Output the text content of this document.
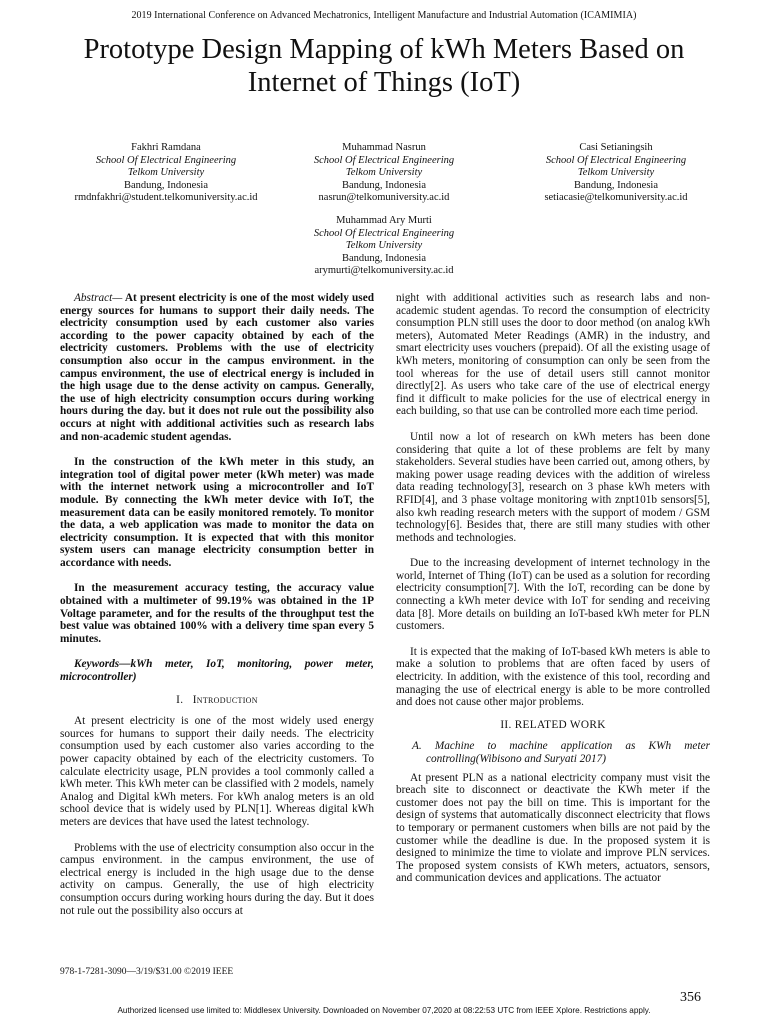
2019 International Conference on Advanced Mechatronics, Intelligent Manufacture and Industrial Automation (ICAMIMIA)
Prototype Design Mapping of kWh Meters Based on
Internet of Things (IoT)
Fakhri Ramdana
School Of Electrical Engineering
Telkom University
Bandung, Indonesia
rmdnfakhri@student.telkomuniversity.ac.id
Muhammad Nasrun
School Of Electrical Engineering
Telkom University
Bandung, Indonesia
nasrun@telkomuniversity.ac.id
Casi Setianingsih
School Of Electrical Engineering
Telkom University
Bandung, Indonesia
setiacasie@telkomuniversity.ac.id
Muhammad Ary Murti
School Of Electrical Engineering
Telkom University
Bandung, Indonesia
arymurti@telkomuniversity.ac.id

Abstract— At present electricity is one of the most widely used energy sources for humans to support their daily needs. The electricity consumption used by each customer also varies according to the power capacity obtained by each of the electricity customers. Problems with the use of electricity consumption also occur in the campus environment. in the campus environment, the use of electrical energy is included in the high usage due to the dense activity on campus. Generally, the use of high electricity consumption occurs during working hours during the day. but it does not rule out the possibility also occurs at night with additional activities such as research labs and non-academic student agendas.

In the construction of the kWh meter in this study, an integration tool of digital power meter (kWh meter) was made with the internet network using a microcontroller and IoT module. By connecting the kWh meter device with IoT, the measurement data can be easily monitored remotely. To monitor the data, a web application was made to monitor the data on electricity consumption. It is expected that with this monitor system users can manage electricity consumption better in accordance with needs.

In the measurement accuracy testing, the accuracy value obtained with a multimeter of 99.19% was obtained in the 1P Voltage parameter, and for the results of the throughput test the best value was obtained 100% with a delivery time span every 5 minutes.

Keywords—kWh meter, IoT, monitoring, power meter, microcontroller)

I. Introduction

At present electricity is one of the most widely used energy sources for humans to support their daily needs. The electricity consumption used by each customer also varies according to the power capacity obtained by each of the electricity customers. To calculate electricity usage, PLN provides a tool commonly called a kWh meter. This kWh meter can be classified with 2 models, namely Analog and Digital kWh meters. For kWh analog meters is an old school device that is widely used by PLN[1]. Whereas digital kWh meters are devices that have used the latest technology.

Problems with the use of electricity consumption also occur in the campus environment. in the campus environment, the use of electrical energy is included in the high usage due to the dense activity on campus. Generally, the use of high electricity consumption occurs during working hours during the day. But it does not rule out the possibility also occurs at

night with additional activities such as research labs and non-academic student agendas. To record the consumption of electricity consumption PLN still uses the door to door method (on analog kWh meters), Automated Meter Readings (AMR) in the industry, and smart electricity uses vouchers (prepaid). Of all the existing usage of kWh meters, monitoring of consumption can only be seen from the tool whereas for the use of detail users still cannot monitor directly[2]. As users who take care of the use of electrical energy find it difficult to make policies for the use of electrical energy in each building, so that use can be controlled more each time period.

Until now a lot of research on kWh meters has been done considering that quite a lot of these problems are felt by many stakeholders. Several studies have been carried out, among others, by making power usage reading devices with the addition of wireless data reading technology[3], research on 3 phase kWh meters with RFID[4], and 3 phase voltage monitoring with znpt101b sensors[5], also kwh reading research meters with the support of modem / GSM technology[6]. Besides that, there are still many studies with other methods and technologies.

Due to the increasing development of internet technology in the world, Internet of Thing (IoT) can be used as a solution for recording electricity consumption[7]. With the IoT, recording can be done by connecting a kWh meter device with IoT for sending and receiving data [8]. More details on building an IoT-based kWh meter for PLN customers.

It is expected that the making of IoT-based kWh meters is able to make a solution to problems that are often faced by users of electricity. In addition, with the existence of this tool, recording and managing the use of electrical energy is able to be more controlled and does not cause other major problems.

II. RELATED WORK
A. Machine to machine application as KWh meter controlling(Wibisono and Suryati 2017)

At present PLN as a national electricity company must visit the breach site to disconnect or deactivate the KWh meter if the customer does not pay the bill on time. This is important for the design of systems that automatically disconnect electricity that flows to temporary or permanent customers when bills are not paid by the customer while the deadline is due. In the proposed system it is designed to minimize the time to violate and improve PLN services. The proposed system consists of KWh meters, actuators, sensors, and communication devices and applications. The actuator

978-1-7281-3090—3/19/$31.00 ©2019 IEEE
356
Authorized licensed use limited to: Middlesex University. Downloaded on November 07,2020 at 08:22:53 UTC from IEEE Xplore. Restrictions apply.
